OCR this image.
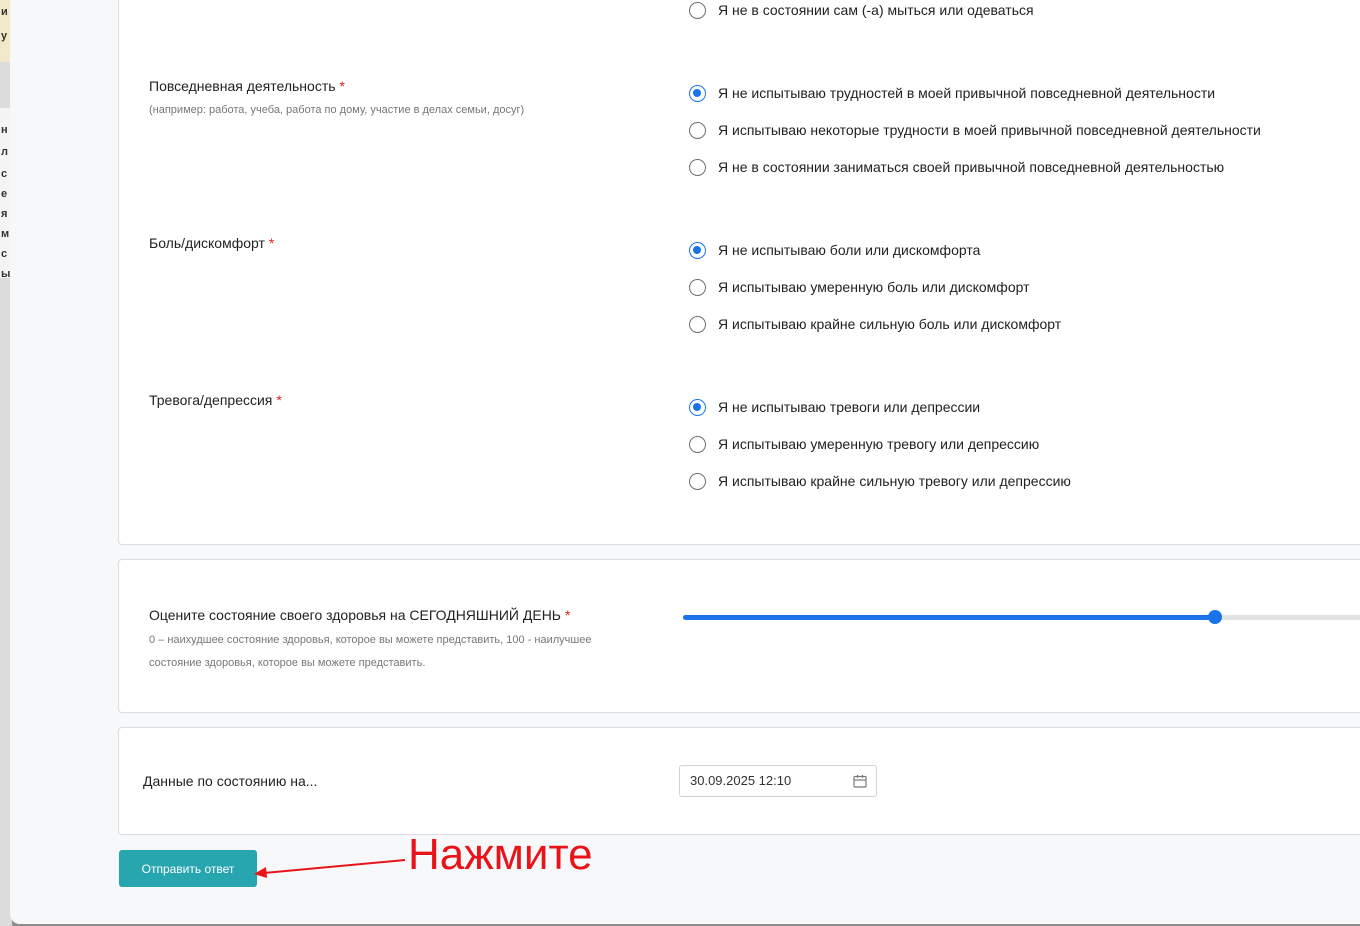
и
у
н
л
с
е
я
м
с
ы
Я не в состоянии сам (-а) мыться или одеваться
Повседневная деятельность *
(например: работа, учеба, работа по дому, участие в делах семьи, досуг)
Я не испытываю трудностей в моей привычной повседневной деятельности
Я испытываю некоторые трудности в моей привычной повседневной деятельности
Я не в состоянии заниматься своей привычной повседневной деятельностью
Боль/дискомфорт *	Я не испытываю боли или дискомфорта
Я испытываю умеренную боль или дискомфорт
Я испытываю крайне сильную боль или дискомфорт
Тревога/депрессия *	Я не испытываю тревоги или депрессии
Я испытываю умеренную тревогу или депрессию
Я испытываю крайне сильную тревогу или депрессию
Оцените состояние своего здоровья на СЕГОДНЯШНИЙ ДЕНЬ *
0 – наихудшее состояние здоровья, которое вы можете представить, 100 - наилучшее
состояние здоровья, которое вы можете представить.
Данные по состоянию на...	30.09.2025 12:10
Отправить ответ	Нажмите
